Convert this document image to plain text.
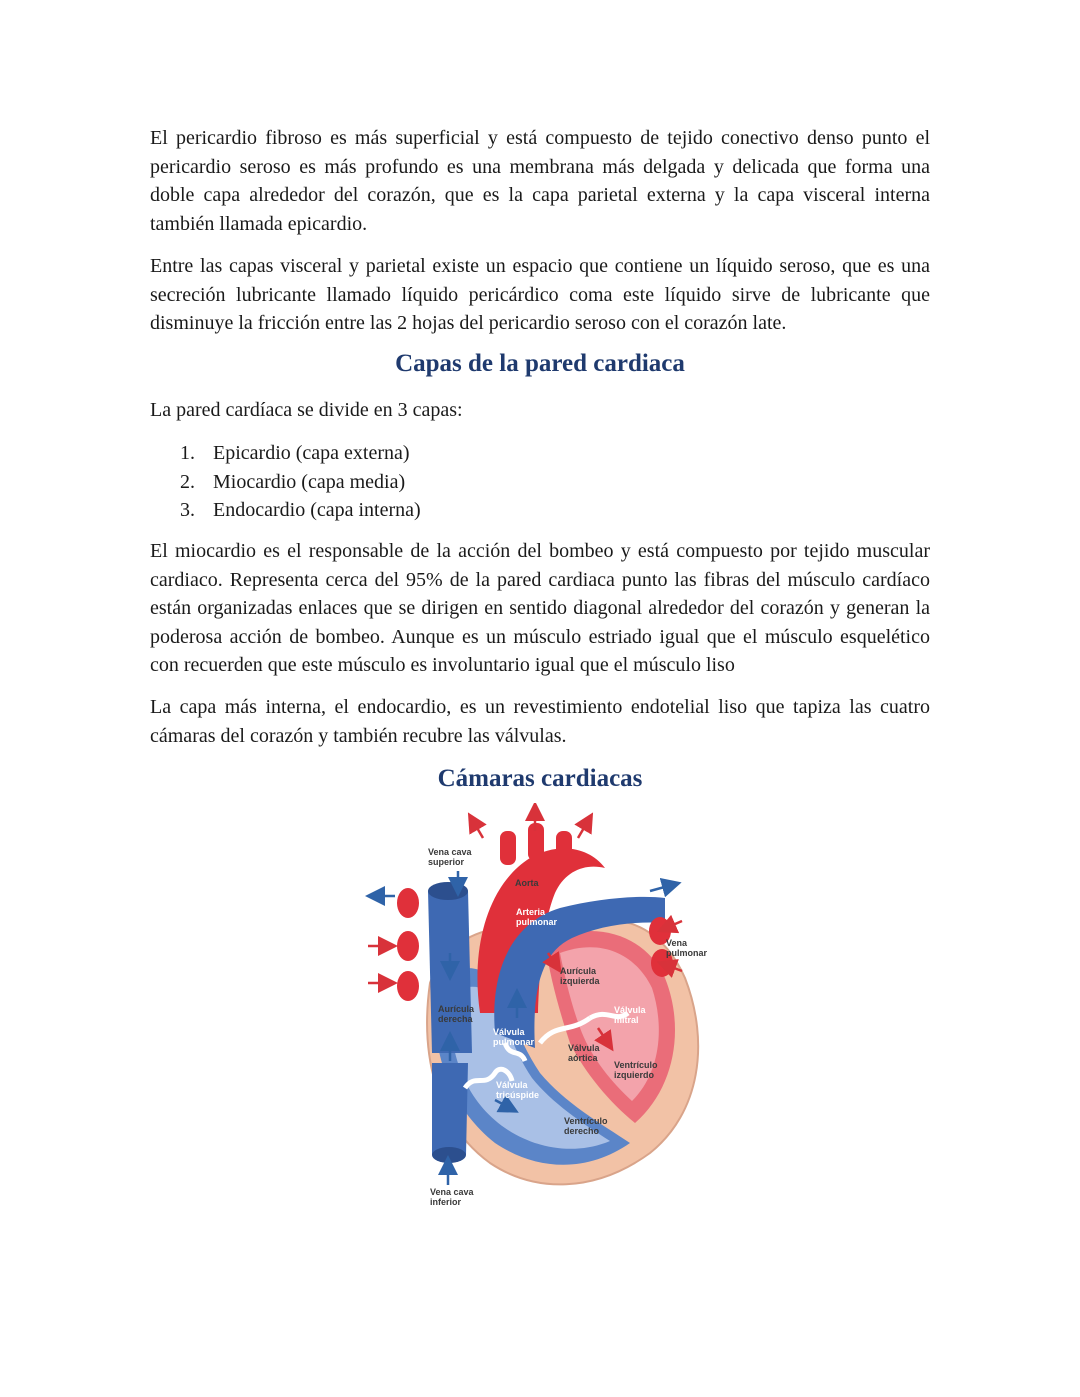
El pericardio fibroso es más superficial y está compuesto de tejido conectivo denso punto el pericardio seroso es más profundo es una membrana más delgada y delicada que forma una doble capa alrededor del corazón, que es la capa parietal externa y la capa visceral interna también llamada epicardio.

Entre las capas visceral y parietal existe un espacio que contiene un líquido seroso, que es una secreción lubricante llamado líquido pericárdico coma este líquido sirve de lubricante que disminuye la fricción entre las 2 hojas del pericardio seroso con el corazón late.

Capas de la pared cardiaca

La pared cardíaca se divide en 3 capas:

1. Epicardio (capa externa)
2. Miocardio (capa media)
3. Endocardio (capa interna)

El miocardio es el responsable de la acción del bombeo y está compuesto por tejido muscular cardiaco. Representa cerca del 95% de la pared cardiaca punto las fibras del músculo cardíaco están organizadas enlaces que se dirigen en sentido diagonal alrededor del corazón y generan la poderosa acción de bombeo. Aunque es un músculo estriado igual que el músculo esquelético con recuerden que este músculo es involuntario igual que el músculo liso

La capa más interna, el endocardio, es un revestimiento endotelial liso que tapiza las cuatro cámaras del corazón y también recubre las válvulas.

Cámaras cardiacas
Vena cava
superior
Aorta
Arteria
pulmonar
Vena
pulmonar
Aurícula
izquierda
Aurícula
derecha
Válvula
mitral
Válvula
pulmonar
Válvula
aórtica
Ventrículo
izquierdo
Válvula
tricúspide
Ventrículo
derecho
Vena cava
inferior
